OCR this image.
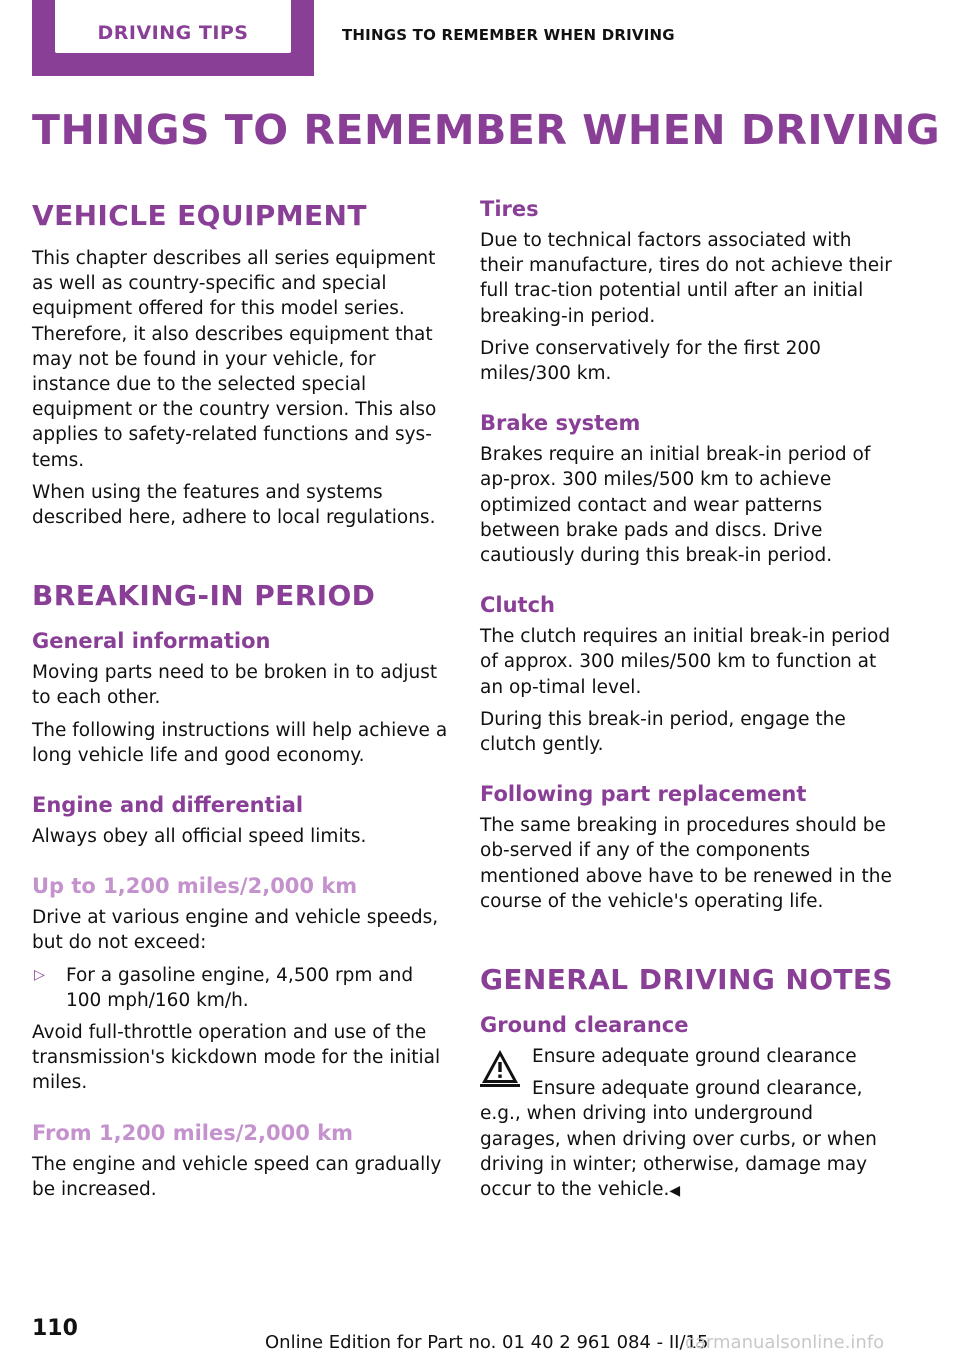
DRIVING TIPS	THINGS TO REMEMBER WHEN DRIVING
THINGS TO REMEMBER WHEN DRIVING
VEHICLE EQUIPMENT

This chapter describes all series equipment as well as country-specific and special equipment offered for this model series. Therefore, it also describes equipment that may not be found in your vehicle, for instance due to the selected special equipment or the country version. This also applies to safety-related functions and sys‐tems.

When using the features and systems described here, adhere to local regulations.

BREAKING-IN PERIOD
General information

Moving parts need to be broken in to adjust to each other.

The following instructions will help achieve a long vehicle life and good economy.

Engine and differential

Always obey all official speed limits.

Up to 1,200 miles/2,000 km

Drive at various engine and vehicle speeds, but do not exceed:

▷ For a gasoline engine, 4,500 rpm and 100 mph/160 km/h.

Avoid full-throttle operation and use of the transmission's kickdown mode for the initial miles.

From 1,200 miles/2,000 km

The engine and vehicle speed can gradually be increased.

Tires

Due to technical factors associated with their manufacture, tires do not achieve their full trac‐tion potential until after an initial breaking-in period.

Drive conservatively for the first 200 miles/300 km.

Brake system

Brakes require an initial break-in period of ap‐prox. 300 miles/500 km to achieve optimized contact and wear patterns between brake pads and discs. Drive cautiously during this break-in period.

Clutch

The clutch requires an initial break-in period of approx. 300 miles/500 km to function at an op‐timal level.

During this break-in period, engage the clutch gently.

Following part replacement

The same breaking in procedures should be ob‐served if any of the components mentioned above have to be renewed in the course of the vehicle's operating life.

GENERAL DRIVING NOTES
Ground clearance

Ensure adequate ground clearance

Ensure adequate ground clearance, e.g., when driving into underground garages, when driving over curbs, or when driving in winter; otherwise, damage may occur to the vehicle.◀

110
Online Edition for Part no. 01 40 2 961 084 - II/15
carmanualsonline.info
